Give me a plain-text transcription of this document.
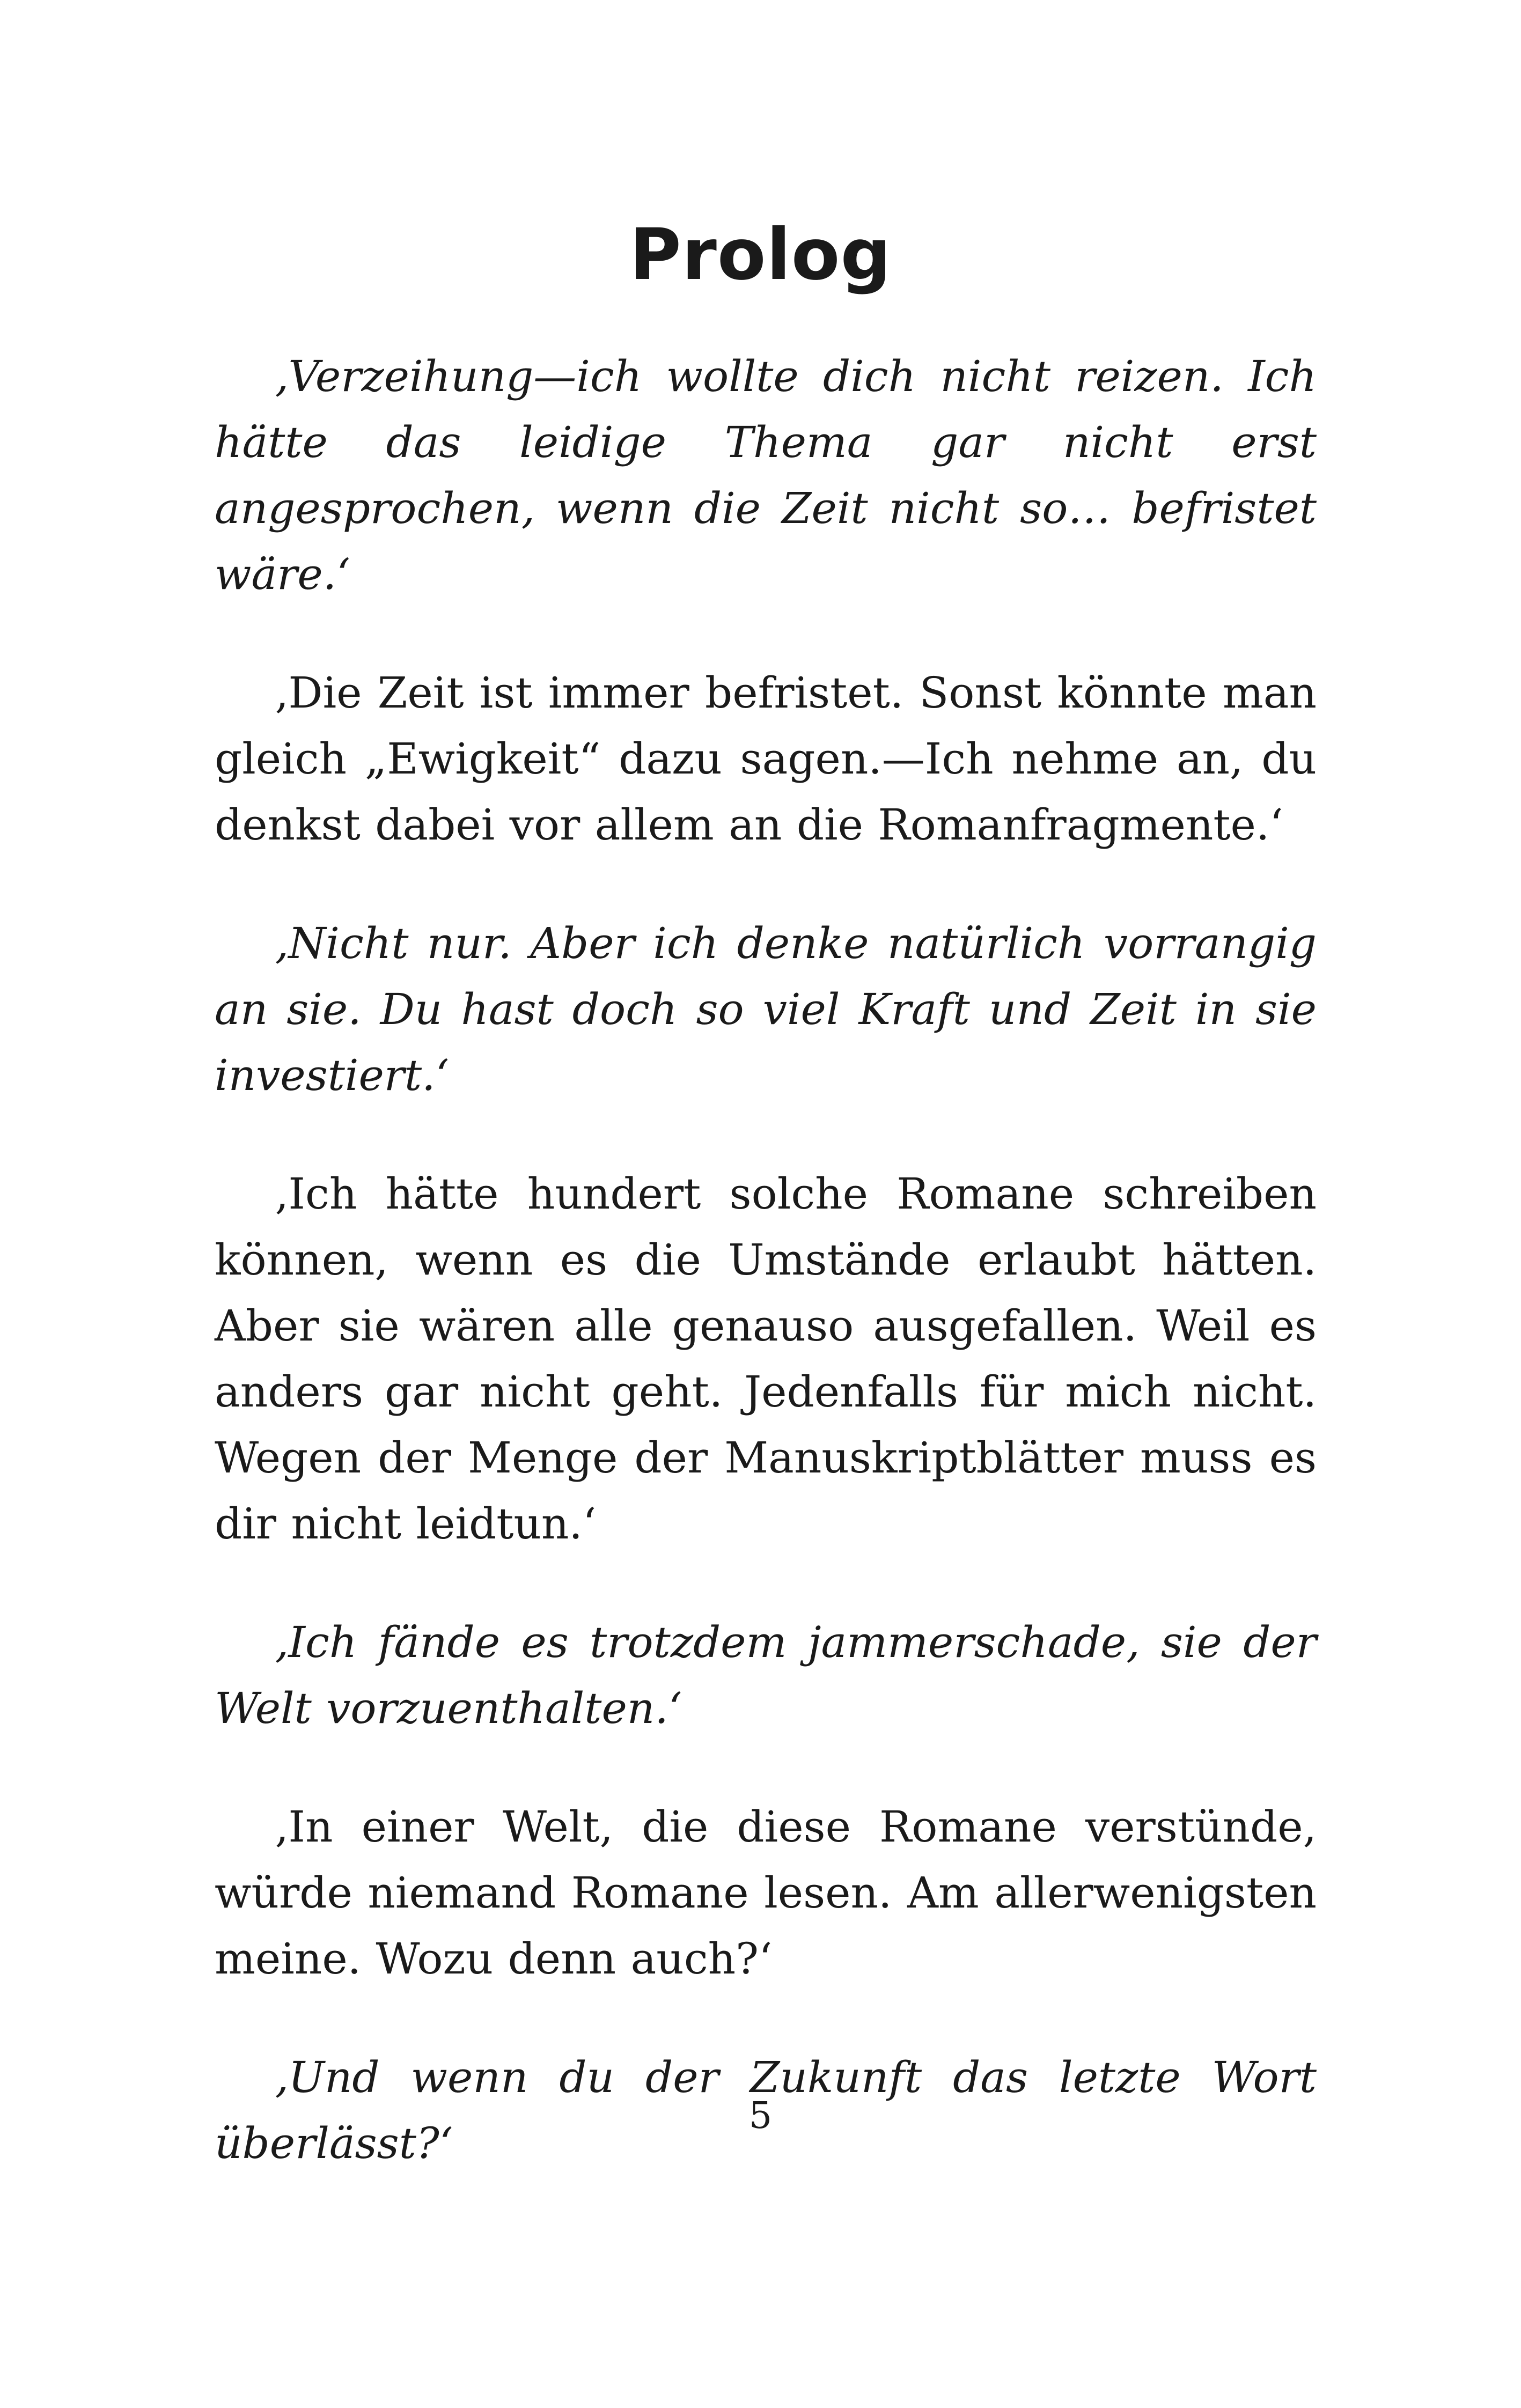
Prolog

‚Verzeihung—ich wollte dich nicht reizen. Ich hätte das leidige Thema gar nicht erst angesprochen, wenn die Zeit nicht so… befristet wäre.‘

‚Die Zeit ist immer befristet. Sonst könnte man gleich „Ewigkeit“ dazu sagen.—Ich nehme an, du denkst dabei vor allem an die Romanfragmente.‘

‚Nicht nur. Aber ich denke natürlich vorrangig an sie. Du hast doch so viel Kraft und Zeit in sie investiert.‘

‚Ich hätte hundert solche Romane schreiben können, wenn es die Umstände erlaubt hätten. Aber sie wären alle genauso ausgefallen. Weil es anders gar nicht geht. Jedenfalls für mich nicht. Wegen der Menge der Manuskriptblätter muss es dir nicht leidtun.‘

‚Ich fände es trotzdem jammerschade, sie der Welt vorzuenthalten.‘

‚In einer Welt, die diese Romane verstünde, würde niemand Romane lesen. Am allerwenigsten meine. Wozu denn auch?‘

‚Und wenn du der Zukunft das letzte Wort überlässt?‘

5
